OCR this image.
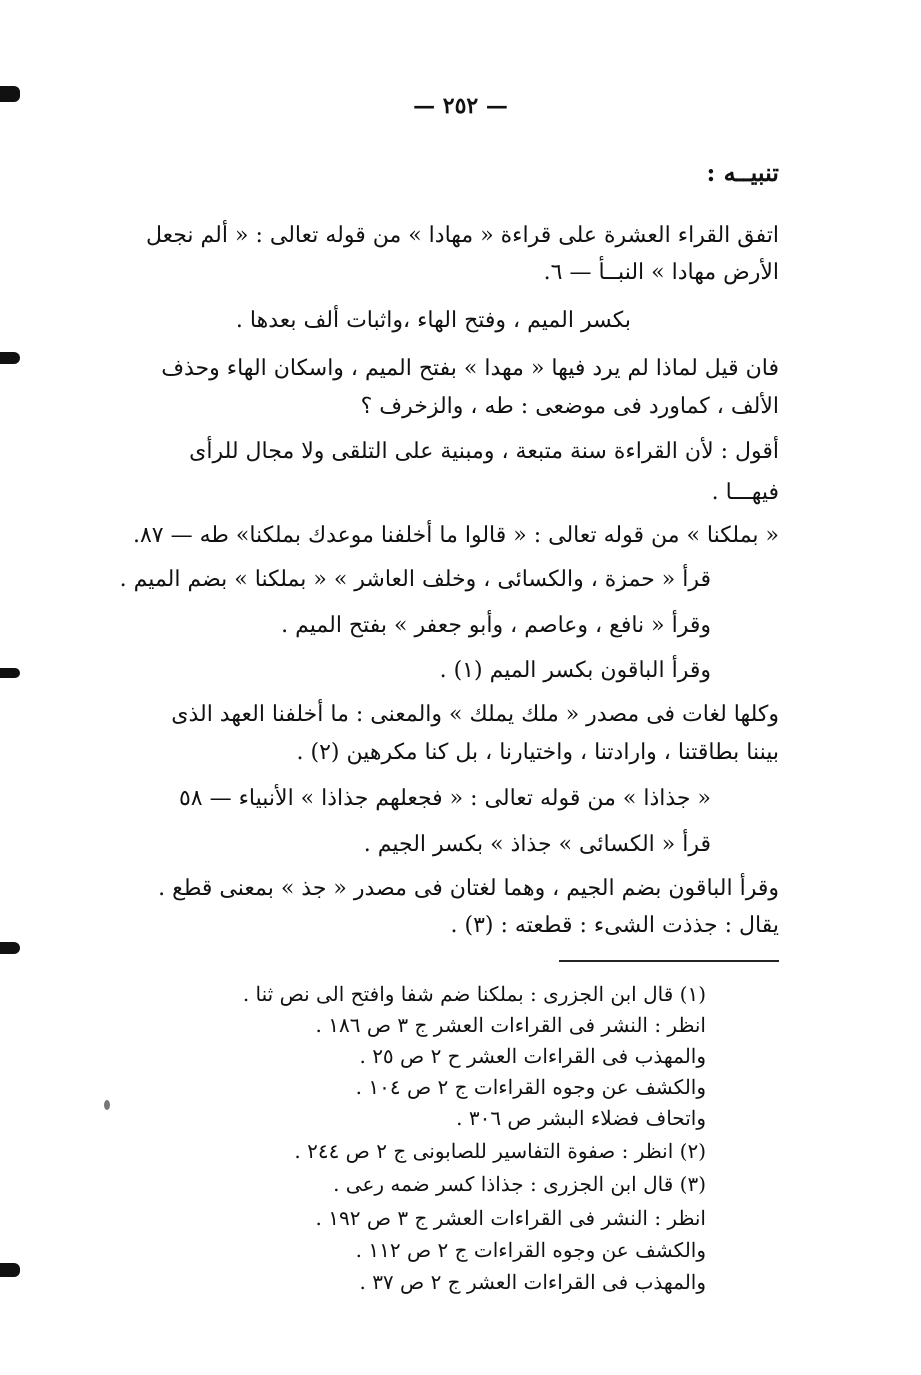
— ٢٥٢ —
تنبيــه :
اتفق القراء العشرة على قراءة « مهادا » من قوله تعالى : « ألم نجعل
الأرض مهادا » النبــأ — ٦.
بكسر الميم ، وفتح الهاء ،واثبات ألف بعدها .
فان قيل لماذا لم يرد فيها « مهدا » بفتح الميم ، واسكان الهاء وحذف
الألف ، كماورد فى موضعى : طه ، والزخرف ؟
أقول : لأن القراءة سنة متبعة ، ومبنية على التلقى ولا مجال للرأى
فيهـــا .
« بملكنا » من قوله تعالى : « قالوا ما أخلفنا موعدك بملكنا» طه — ٨٧.
قرأ « حمزة ، والكسائى ، وخلف العاشر » « بملكنا » بضم الميم .
وقرأ « نافع ، وعاصم ، وأبو جعفر » بفتح الميم .
وقرأ الباقون بكسر الميم (١) .
وكلها لغات فى مصدر « ملك يملك » والمعنى : ما أخلفنا العهد الذى
بيننا بطاقتنا ، وارادتنا ، واختيارنا ، بل كنا مكرهين (٢) .
« جذاذا » من قوله تعالى : « فجعلهم جذاذا » الأنبياء — ٥٨
قرأ « الكسائى » جذاذ » بكسر الجيم .
وقرأ الباقون بضم الجيم ، وهما لغتان فى مصدر « جذ » بمعنى قطع .
يقال : جذذت الشىء : قطعته : (٣) .
(١) قال ابن الجزرى : بملكنا ضم شفا وافتح الى نص ثنا .
انظر : النشر فى القراءات العشر ج ٣ ص ١٨٦ .
والمهذب فى القراءات العشر ح ٢ ص ٢٥ .
والكشف عن وجوه القراءات ج ٢ ص ١٠٤ .
واتحاف فضلاء البشر ص ٣٠٦ .
(٢) انظر : صفوة التفاسير للصابونى ج ٢ ص ٢٤٤ .
(٣) قال ابن الجزرى : جذاذا كسر ضمه رعى .
انظر : النشر فى القراءات العشر ج ٣ ص ١٩٢ .
والكشف عن وجوه القراءات ج ٢ ص ١١٢ .
والمهذب فى القراءات العشر ج ٢ ص ٣٧ .
